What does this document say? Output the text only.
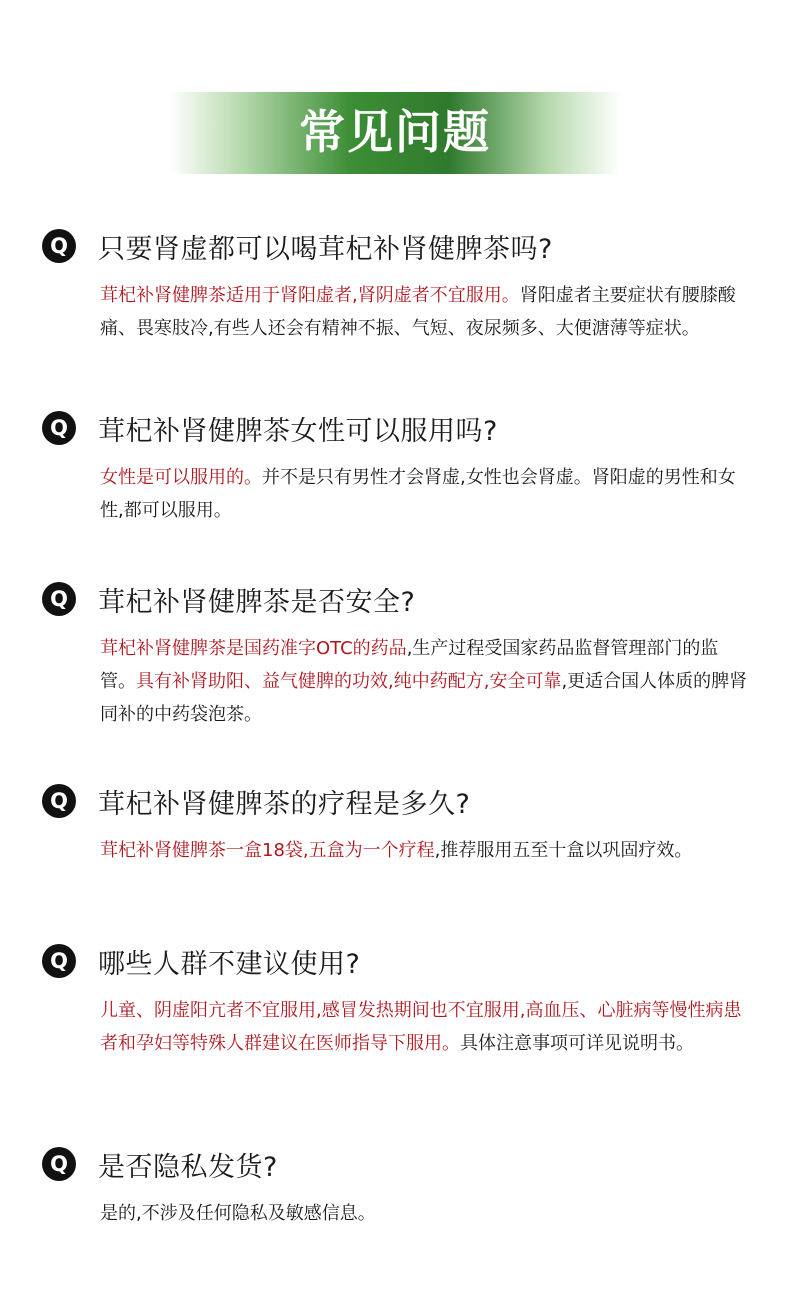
常见问题
Q 只要肾虚都可以喝茸杞补肾健脾茶吗?
茸杞补肾健脾茶适用于肾阳虚者,肾阴虚者不宜服用。肾阳虚者主要症状有腰膝酸痛、畏寒肢冷,有些人还会有精神不振、气短、夜尿频多、大便溏薄等症状。
Q 茸杞补肾健脾茶女性可以服用吗?
女性是可以服用的。并不是只有男性才会肾虚,女性也会肾虚。肾阳虚的男性和女性,都可以服用。
Q 茸杞补肾健脾茶是否安全?
茸杞补肾健脾茶是国药准字OTC的药品,生产过程受国家药品监督管理部门的监管。具有补肾助阳、益气健脾的功效,纯中药配方,安全可靠,更适合国人体质的脾肾同补的中药袋泡茶。
Q 茸杞补肾健脾茶的疗程是多久?
茸杞补肾健脾茶一盒18袋,五盒为一个疗程,推荐服用五至十盒以巩固疗效。
Q 哪些人群不建议使用?
儿童、阴虚阳亢者不宜服用,感冒发热期间也不宜服用,高血压、心脏病等慢性病患者和孕妇等特殊人群建议在医师指导下服用。具体注意事项可详见说明书。
Q 是否隐私发货?
是的,不涉及任何隐私及敏感信息。
